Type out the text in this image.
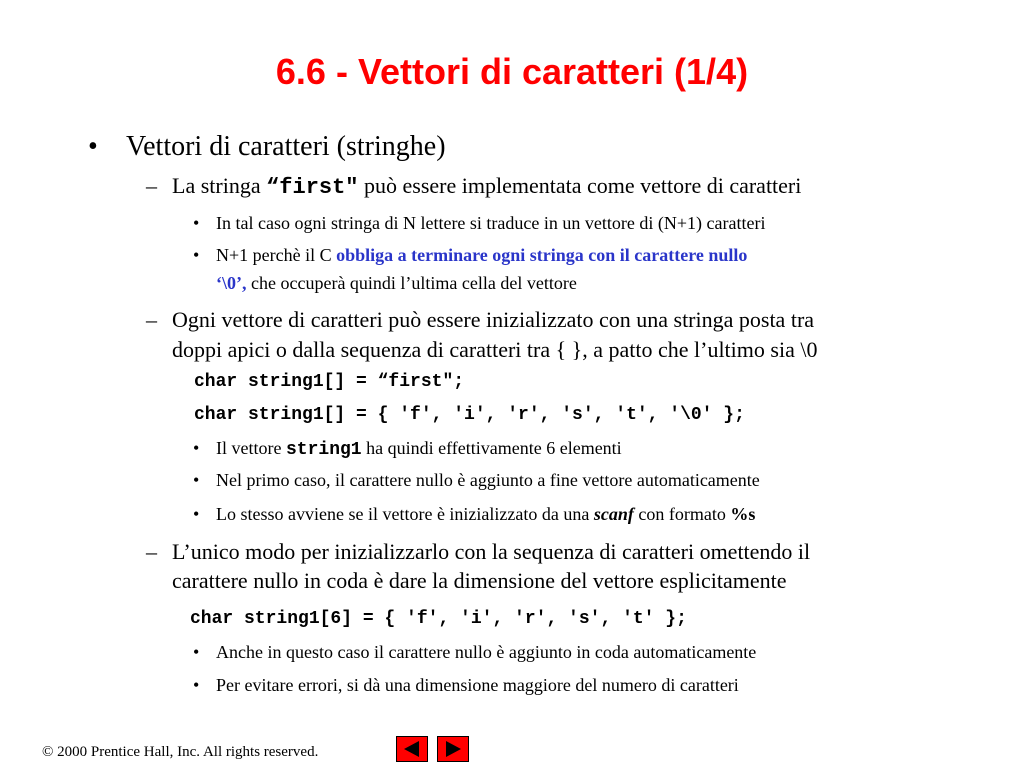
6.6 - Vettori di caratteri (1/4)
• Vettori di caratteri (stringhe)
– La stringa “first" può essere implementata come vettore di caratteri
• In tal caso ogni stringa di N lettere si traduce in un vettore di (N+1) caratteri
• N+1 perchè il C obbliga a terminare ogni stringa con il carattere nullo
‘\0’, che occuperà quindi l’ultima cella del vettore
– Ogni vettore di caratteri può essere inizializzato con una stringa posta tra
doppi apici o dalla sequenza di caratteri tra { }, a patto che l’ultimo sia \0
char string1[] = “first";
char string1[] = { 'f', 'i', 'r', 's', 't', '\0' };
• Il vettore string1 ha quindi effettivamente 6 elementi
• Nel primo caso, il carattere nullo è aggiunto a fine vettore automaticamente
• Lo stesso avviene se il vettore è inizializzato da una scanf con formato %s
– L’unico modo per inizializzarlo con la sequenza di caratteri omettendo il
carattere nullo in coda è dare la dimensione del vettore esplicitamente
char string1[6] = { 'f', 'i', 'r', 's', 't' };
• Anche in questo caso il carattere nullo è aggiunto in coda automaticamente
• Per evitare errori, si dà una dimensione maggiore del numero di caratteri
© 2000 Prentice Hall, Inc. All rights reserved.
